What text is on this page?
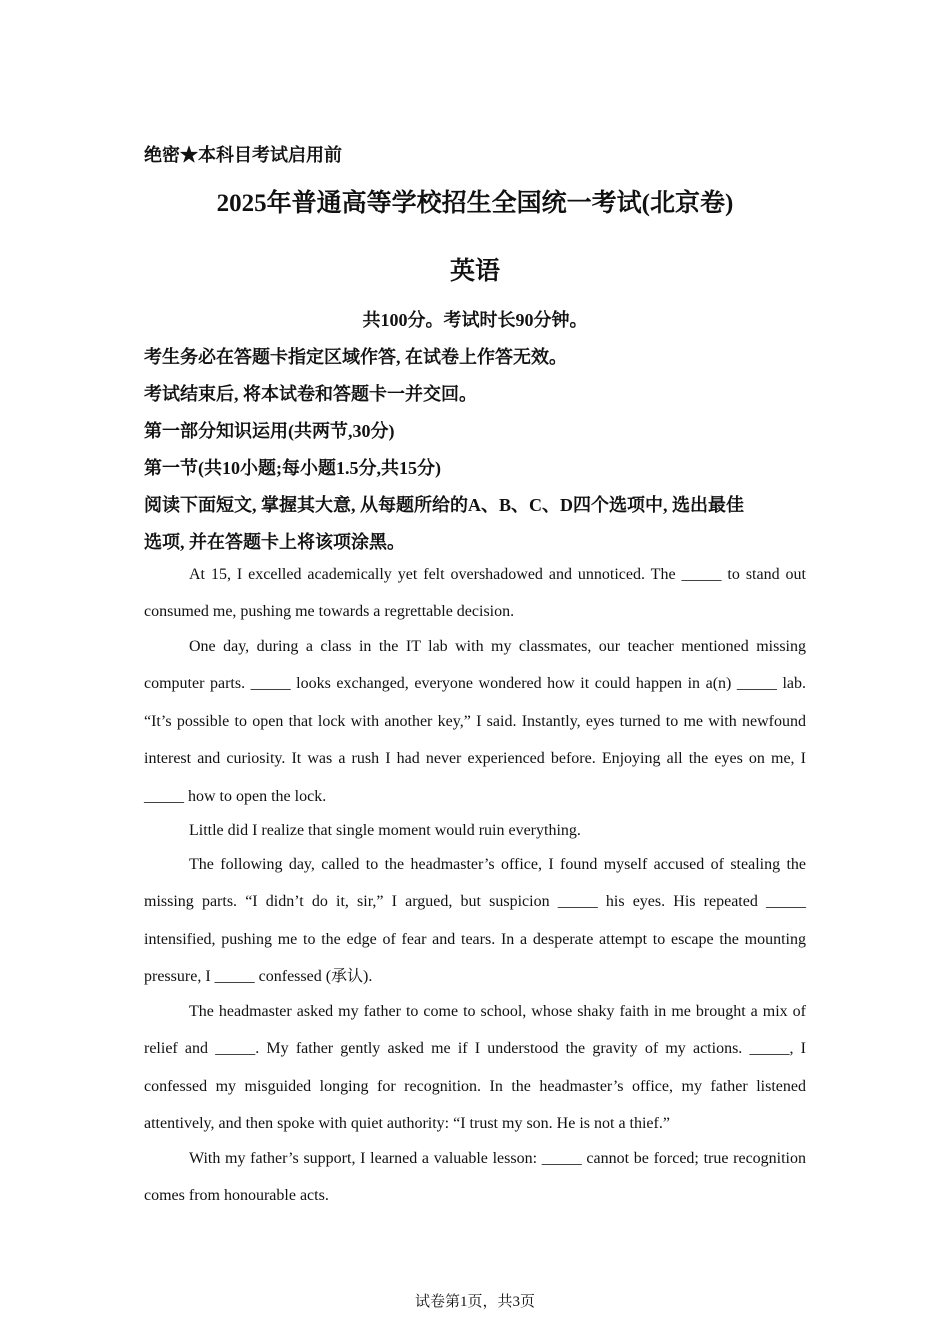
绝密★本科目考试启用前
2025年普通高等学校招生全国统一考试(北京卷)
英语
共100分。考试时长90分钟。
考生务必在答题卡指定区域作答, 在试卷上作答无效。
考试结束后, 将本试卷和答题卡一并交回。
第一部分知识运用(共两节,30分)
第一节(共10小题;每小题1.5分,共15分)
阅读下面短文, 掌握其大意, 从每题所给的A、B、C、D四个选项中, 选出最佳
选项, 并在答题卡上将该项涂黑。
At 15, I excelled academically yet felt overshadowed and unnoticed. The _____ to stand out consumed me, pushing me towards a regrettable decision.
One day, during a class in the IT lab with my classmates, our teacher mentioned missing computer parts. _____ looks exchanged, everyone wondered how it could happen in a(n) _____ lab. “It’s possible to open that lock with another key,” I said. Instantly, eyes turned to me with newfound interest and curiosity. It was a rush I had never experienced before. Enjoying all the eyes on me, I _____ how to open the lock.
Little did I realize that single moment would ruin everything.
The following day, called to the headmaster’s office, I found myself accused of stealing the missing parts. “I didn’t do it, sir,” I argued, but suspicion _____ his eyes. His repeated _____ intensified, pushing me to the edge of fear and tears. In a desperate attempt to escape the mounting pressure, I _____ confessed (承认).
The headmaster asked my father to come to school, whose shaky faith in me brought a mix of relief and _____. My father gently asked me if I understood the gravity of my actions. _____, I confessed my misguided longing for recognition. In the headmaster’s office, my father listened attentively, and then spoke with quiet authority: “I trust my son. He is not a thief.”
With my father’s support, I learned a valuable lesson: _____ cannot be forced; true recognition comes from honourable acts.
试卷第1页，共3页
